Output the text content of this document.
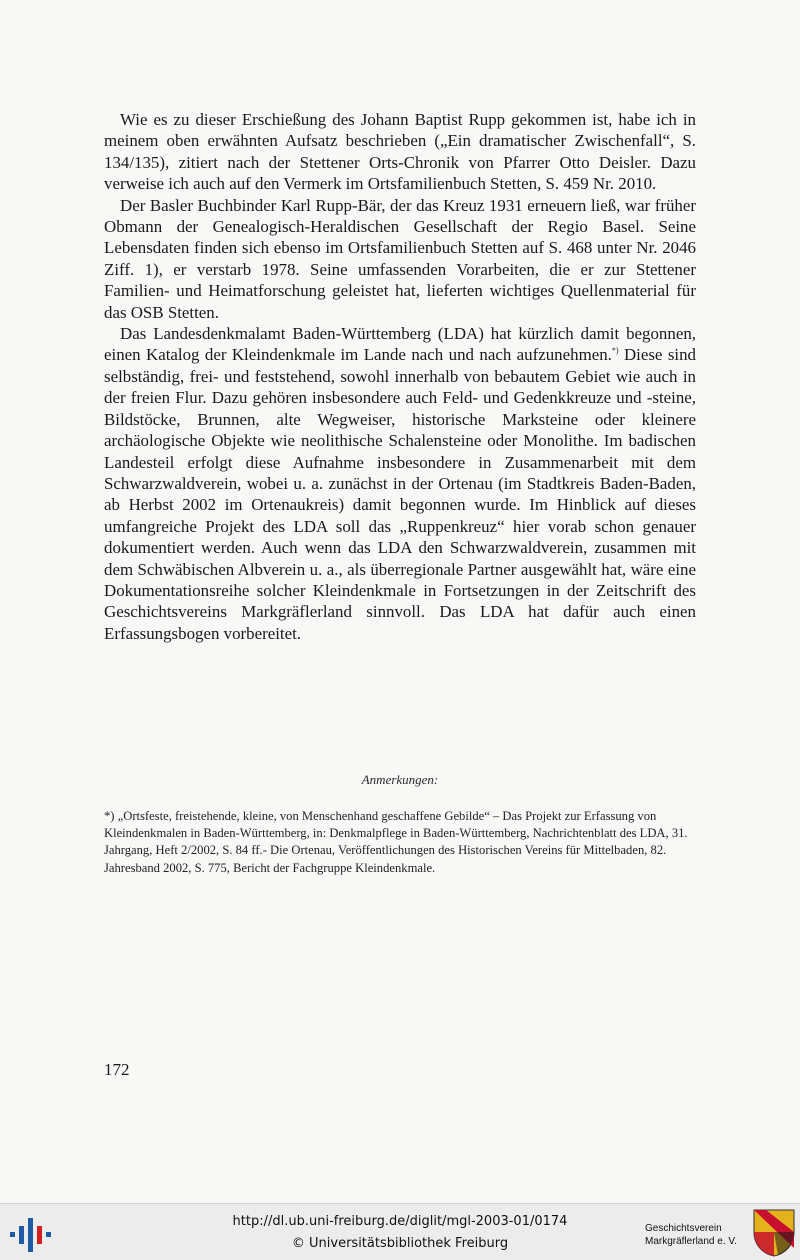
Wie es zu dieser Erschießung des Johann Baptist Rupp gekommen ist, habe ich in meinem oben erwähnten Aufsatz beschrieben („Ein dramatischer Zwischenfall“, S. 134/135), zitiert nach der Stettener Orts-Chronik von Pfarrer Otto Deisler. Dazu verweise ich auch auf den Vermerk im Ortsfamilienbuch Stetten, S. 459 Nr. 2010.

Der Basler Buchbinder Karl Rupp-Bär, der das Kreuz 1931 erneuern ließ, war früher Obmann der Genealogisch-Heraldischen Gesellschaft der Regio Basel. Seine Lebensdaten finden sich ebenso im Ortsfamilienbuch Stetten auf S. 468 unter Nr. 2046 Ziff. 1), er verstarb 1978. Seine umfassenden Vorarbeiten, die er zur Stettener Familien- und Heimatforschung geleistet hat, lieferten wichtiges Quellenmaterial für das OSB Stetten.

Das Landesdenkmalamt Baden-Württemberg (LDA) hat kürzlich damit begonnen, einen Katalog der Kleindenkmale im Lande nach und nach aufzunehmen.*) Diese sind selbständig, frei- und feststehend, sowohl innerhalb von bebautem Gebiet wie auch in der freien Flur. Dazu gehören insbesondere auch Feld- und Gedenkkreuze und -steine, Bildstöcke, Brunnen, alte Wegweiser, historische Marksteine oder kleinere archäologische Objekte wie neolithische Schalensteine oder Monolithe. Im badischen Landesteil erfolgt diese Aufnahme insbesondere in Zusammenarbeit mit dem Schwarzwaldverein, wobei u. a. zunächst in der Ortenau (im Stadtkreis Baden-Baden, ab Herbst 2002 im Ortenaukreis) damit begonnen wurde. Im Hinblick auf dieses umfangreiche Projekt des LDA soll das „Ruppenkreuz“ hier vorab schon genauer dokumentiert werden. Auch wenn das LDA den Schwarzwaldverein, zusammen mit dem Schwäbischen Albverein u. a., als überregionale Partner ausgewählt hat, wäre eine Dokumentationsreihe solcher Kleindenkmale in Fortsetzungen in der Zeitschrift des Geschichtsvereins Markgräflerland sinnvoll. Das LDA hat dafür auch einen Erfassungsbogen vorbereitet.

Anmerkungen:
*) „Ortsfeste, freistehende, kleine, von Menschenhand geschaffene Gebilde“ – Das Projekt zur Erfassung von Kleindenkmalen in Baden-Württemberg, in: Denkmalpflege in Baden-Württemberg, Nachrichtenblatt des LDA, 31. Jahrgang, Heft 2/2002, S. 84 ff.- Die Ortenau, Veröffentlichungen des Historischen Vereins für Mittelbaden, 82. Jahresband 2002, S. 775, Bericht der Fachgruppe Kleindenkmale.
172
http://dl.ub.uni-freiburg.de/diglit/mgl-2003-01/0174
© Universitätsbibliothek Freiburg
Geschichtsverein
Markgräflerland e. V.
